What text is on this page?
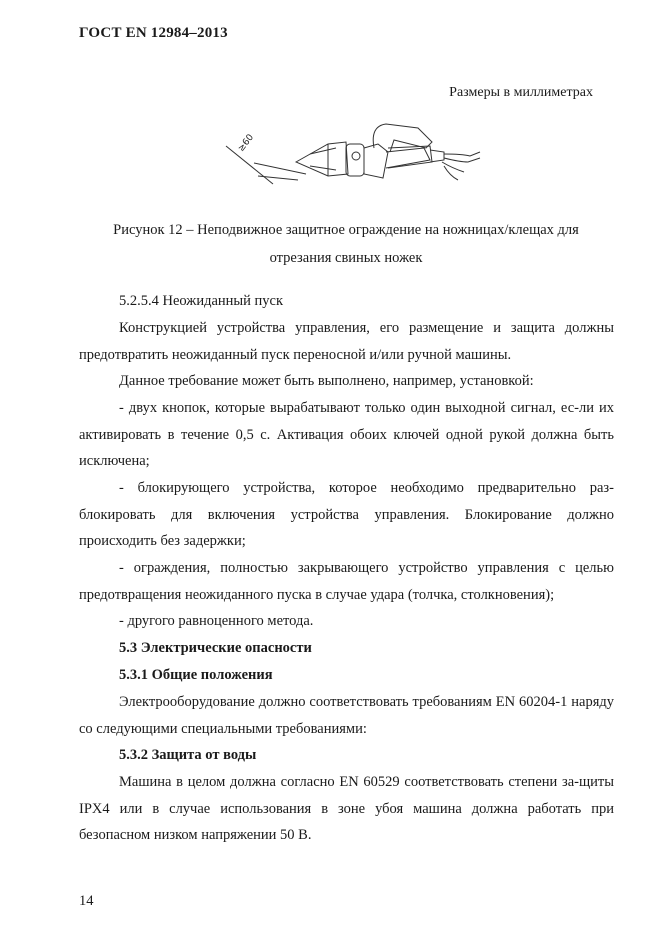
ГОСТ EN 12984–2013
Размеры в миллиметрах
≥60
Рисунок 12 – Неподвижное защитное ограждение на ножницах/клещах для
отрезания свиных ножек
5.2.5.4 Неожиданный пуск
Конструкцией устройства управления, его размещение и защита должны предотвратить неожиданный пуск переносной и/или ручной машины.
Данное требование может быть выполнено, например, установкой:
- двух кнопок, которые вырабатывают только один выходной сигнал, ес-ли их активировать в течение 0,5 с. Активация обоих ключей одной рукой должна быть исключена;
- блокирующего устройства, которое необходимо предварительно раз-блокировать для включения устройства управления. Блокирование должно происходить без задержки;
- ограждения, полностью закрывающего устройство управления с целью предотвращения неожиданного пуска в случае удара (толчка, столкновения);
- другого равноценного метода.
5.3 Электрические опасности
5.3.1 Общие положения
Электрооборудование должно соответствовать требованиям EN 60204-1 наряду со следующими специальными требованиями:
5.3.2 Защита от воды
Машина в целом должна согласно EN 60529 соответствовать степени за-щиты IPX4 или в случае использования в зоне убоя машина должна работать при безопасном низком напряжении 50 В.
14
